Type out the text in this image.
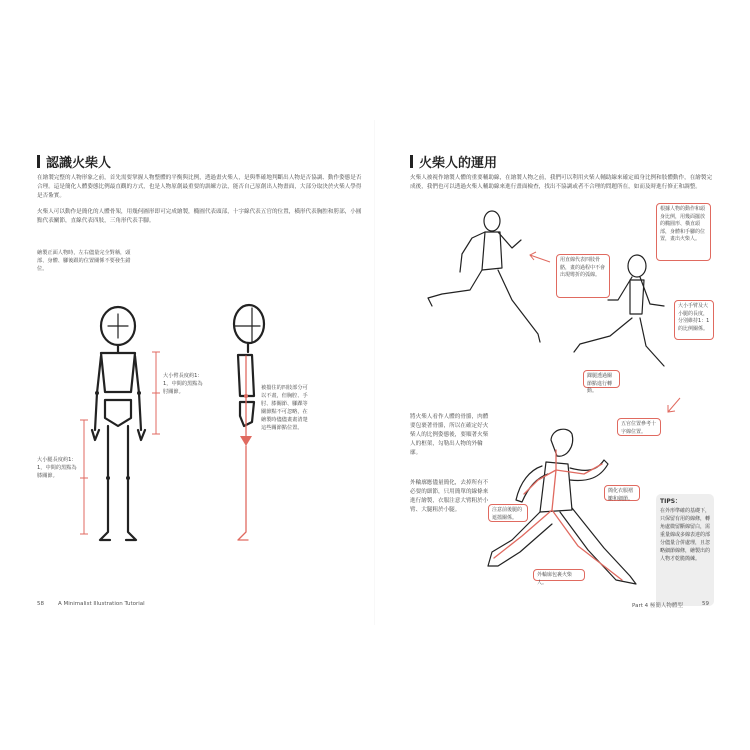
認識火柴人
在繪製完整的人物形象之前，首先需要掌握人物整體的平衡與比例，透過畫火柴人，是與準確地判斷出人物是否協調、動作姿態是否合理。這是簡化人體姿態比例最直觀的方式，也是人物原創最重要的訓練方法，能否自己原創出人物畫面，大部分取決於火柴人學得是否紮實。
火柴人可以動作是簡化的人體骨架，用幾何圖形即可完成繪製，橢圓代表頭部，十字線代表五官的位置，橫形代表胸腔和胯部，小圓點代表關節，直線代表四肢，三角形代表手腳。
繪製正面人物時，左右儘量完全對稱，頭部、身體、腳後跟的位置關係不要發生錯位。
大小臂長度約1：1，中間的黑點為肘關節。
大小腿長度約1：1，中間的黑點為膝關節。
被擋住的四肢部分可以不畫，但胸腔、手肘、膝關節、腳踝等關節點不可忽略，在繪製時儘儘畫畫清楚這些關節點位置。
58	A Minimalist Illustration Tutorial
火柴人的運用
火柴人被視作繪製人體的重要輔助線，在繪製人物之前，我們可以利用火柴人輔助線來確定頭身比例和肢體動作，在繪製完成後，我們也可以透過火柴人輔助線來進行畫面檢查，找出不協調或者不合理的問題所在，如而及時進行修正和調整。
根據人物的動作和頭身比例，用幾面擺放的橢圓形、橫直頭部，身體和手腳的位置，畫出火柴人。
用直線代表四肢骨骼，畫的過程中不會出現彎折的弧線。
大小手臂及大小腿的長度，分別維持1：1的比例關係。
踝腿透過關節點進行轉動。
將火柴人看作人體的骨骼，肉體要包裹著骨骼，所以在確定好火柴人的比例姿態後，要順著火柴人的框架，勾勒出人物的外輪廓。
五官位置參考十字線位置。
簡化衣服褶皺和細節。
注意前後腿的遮擋關係。
外輪廓包裹火柴人。
外輪廓應儘量簡化，去掉所有不必要的細節，只用簡單的線條來進行繪製，衣服注意大臂粗於小臂、大腿粗於小腿。
TIPS：
在外形準確的基礎下，只保留有用的線條，轉角處微留斷線留白，需重量線或多線表達的部分儘量合併處理，且忽略細節線條，繪製出的人物才乾脆簡練。
Part 4 極簡人物體型	59
